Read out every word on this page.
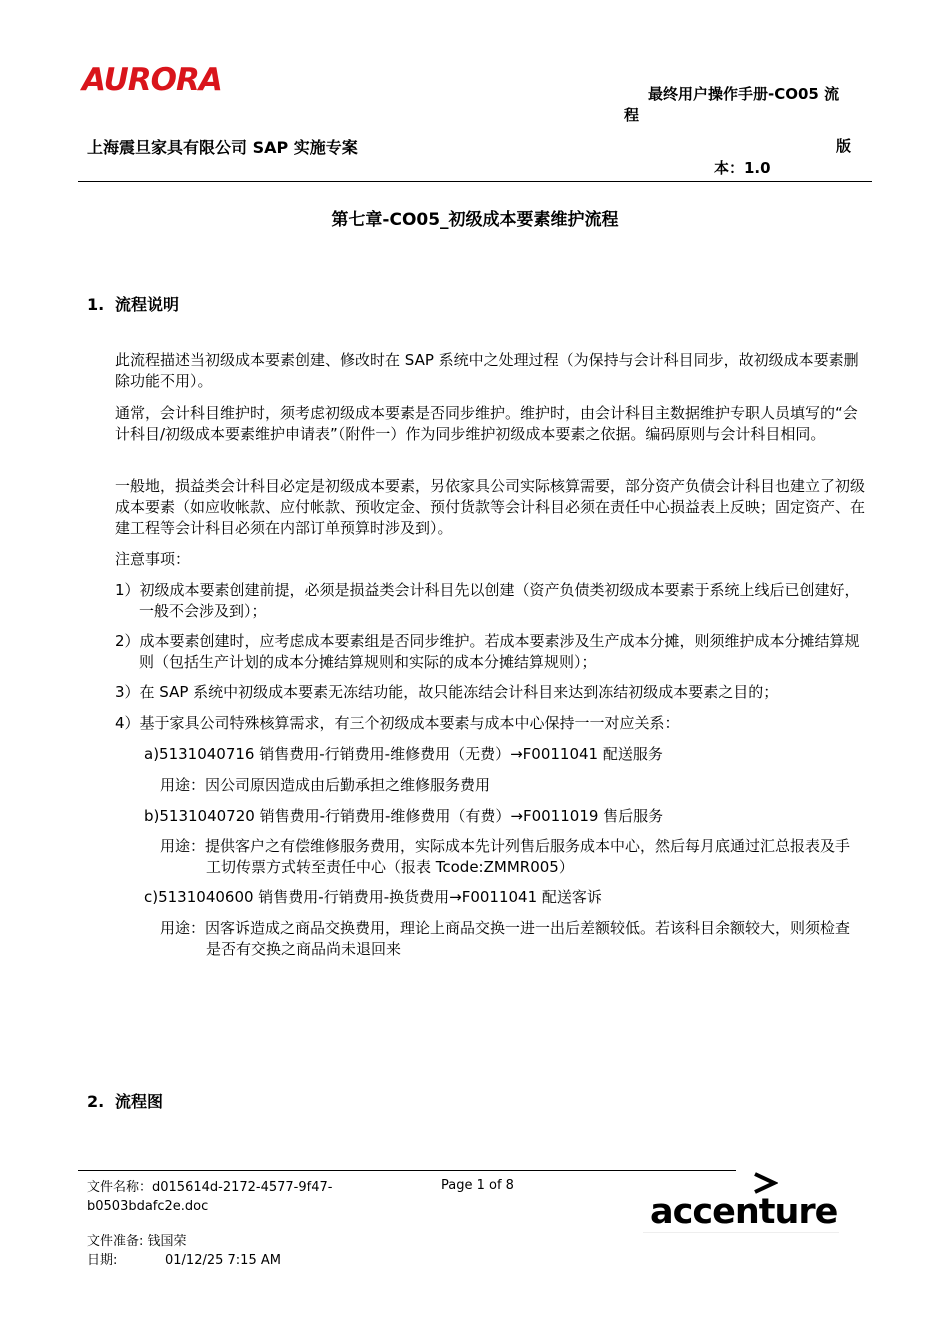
AURORA	最终用户操作手册-CO05 流程
上海震旦家具有限公司 SAP 实施专案	版
本：1.0
第七章-CO05_初级成本要素维护流程
1. 流程说明
此流程描述当初级成本要素创建、修改时在 SAP 系统中之处理过程（为保持与会计科目同步，故初级成本要素删除功能不用）。
通常，会计科目维护时，须考虑初级成本要素是否同步维护。维护时，由会计科目主数据维护专职人员填写的“会计科目/初级成本要素维护申请表”（附件一）作为同步维护初级成本要素之依据。编码原则与会计科目相同。
一般地，损益类会计科目必定是初级成本要素，另依家具公司实际核算需要，部分资产负债会计科目也建立了初级成本要素（如应收帐款、应付帐款、预收定金、预付货款等会计科目必须在责任中心损益表上反映；固定资产、在建工程等会计科目必须在内部订单预算时涉及到）。
注意事项：
1）初级成本要素创建前提，必须是损益类会计科目先以创建（资产负债类初级成本要素于系统上线后已创建好，一般不会涉及到）；
2）成本要素创建时，应考虑成本要素组是否同步维护。若成本要素涉及生产成本分摊，则须维护成本分摊结算规则（包括生产计划的成本分摊结算规则和实际的成本分摊结算规则）；
3）在 SAP 系统中初级成本要素无冻结功能，故只能冻结会计科目来达到冻结初级成本要素之目的；
4）基于家具公司特殊核算需求，有三个初级成本要素与成本中心保持一一对应关系：
a)5131040716 销售费用-行销费用-维修费用（无费）→F0011041 配送服务
用途：因公司原因造成由后勤承担之维修服务费用
b)5131040720 销售费用-行销费用-维修费用（有费）→F0011019 售后服务
用途：提供客户之有偿维修服务费用，实际成本先计列售后服务成本中心，然后每月底通过汇总报表及手工切传票方式转至责任中心（报表 Tcode:ZMMR005）
c)5131040600 销售费用-行销费用-换货费用→F0011041 配送客诉
用途：因客诉造成之商品交换费用，理论上商品交换一进一出后差额较低。若该科目余额较大，则须检查是否有交换之商品尚未退回来
2. 流程图
文件名称：d015614d-2172-4577-9f47-b0503bdafc2e.doc
Page 1 of 8
文件准备: 钱国荣
日期:	01/12/25 7:15 AM
accenture
